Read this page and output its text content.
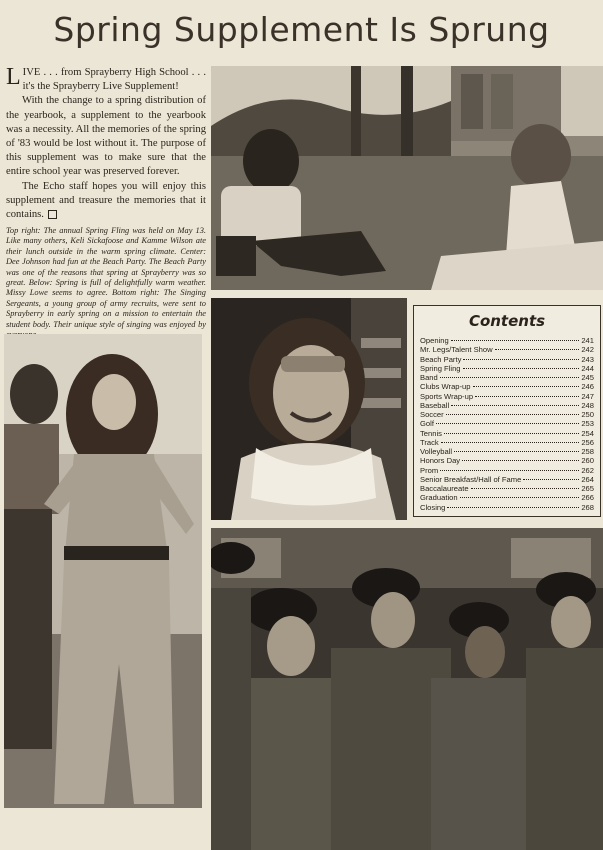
Spring Supplement Is Sprung

LIVE . . . from Sprayberry High School . . . it's the Sprayberry Live Supplement!

With the change to a spring distribution of the yearbook, a supplement to the yearbook was a necessity. All the memories of the spring of '83 would be lost without it. The purpose of this supplement was to make sure that the entire school year was preserved forever.

The Echo staff hopes you will enjoy this supplement and treasure the memories that it contains.

Top right: The annual Spring Fling was held on May 13. Like many others, Keli Sickafoose and Kamme Wilson ate their lunch outside in the warm spring climate. Center: Dee Johnson had fun at the Beach Party. The Beach Party was one of the reasons that spring at Sprayberry was so great. Below: Spring is full of delightfully warm weather. Missy Lowe seems to agree. Bottom right: The Singing Sergeants, a young group of army recruits, were sent to Sprayberry in early spring on a mission to entertain the student body. Their unique style of singing was enjoyed by	Contents
Opening	241
Mr. Legs/Talent Show	242
Beach Party	243
Spring Fling	244
Band	245
Clubs Wrap-up	246
Sports Wrap-up	247
Baseball	248
Soccer	250
Golf	253
Tennis	254
Track	256
Volleyball	258
Honors Day	260
Prom	262
Senior Breakfast/Hall of Fame	264
Baccalaureate	265
Graduation	266
Closing	268
